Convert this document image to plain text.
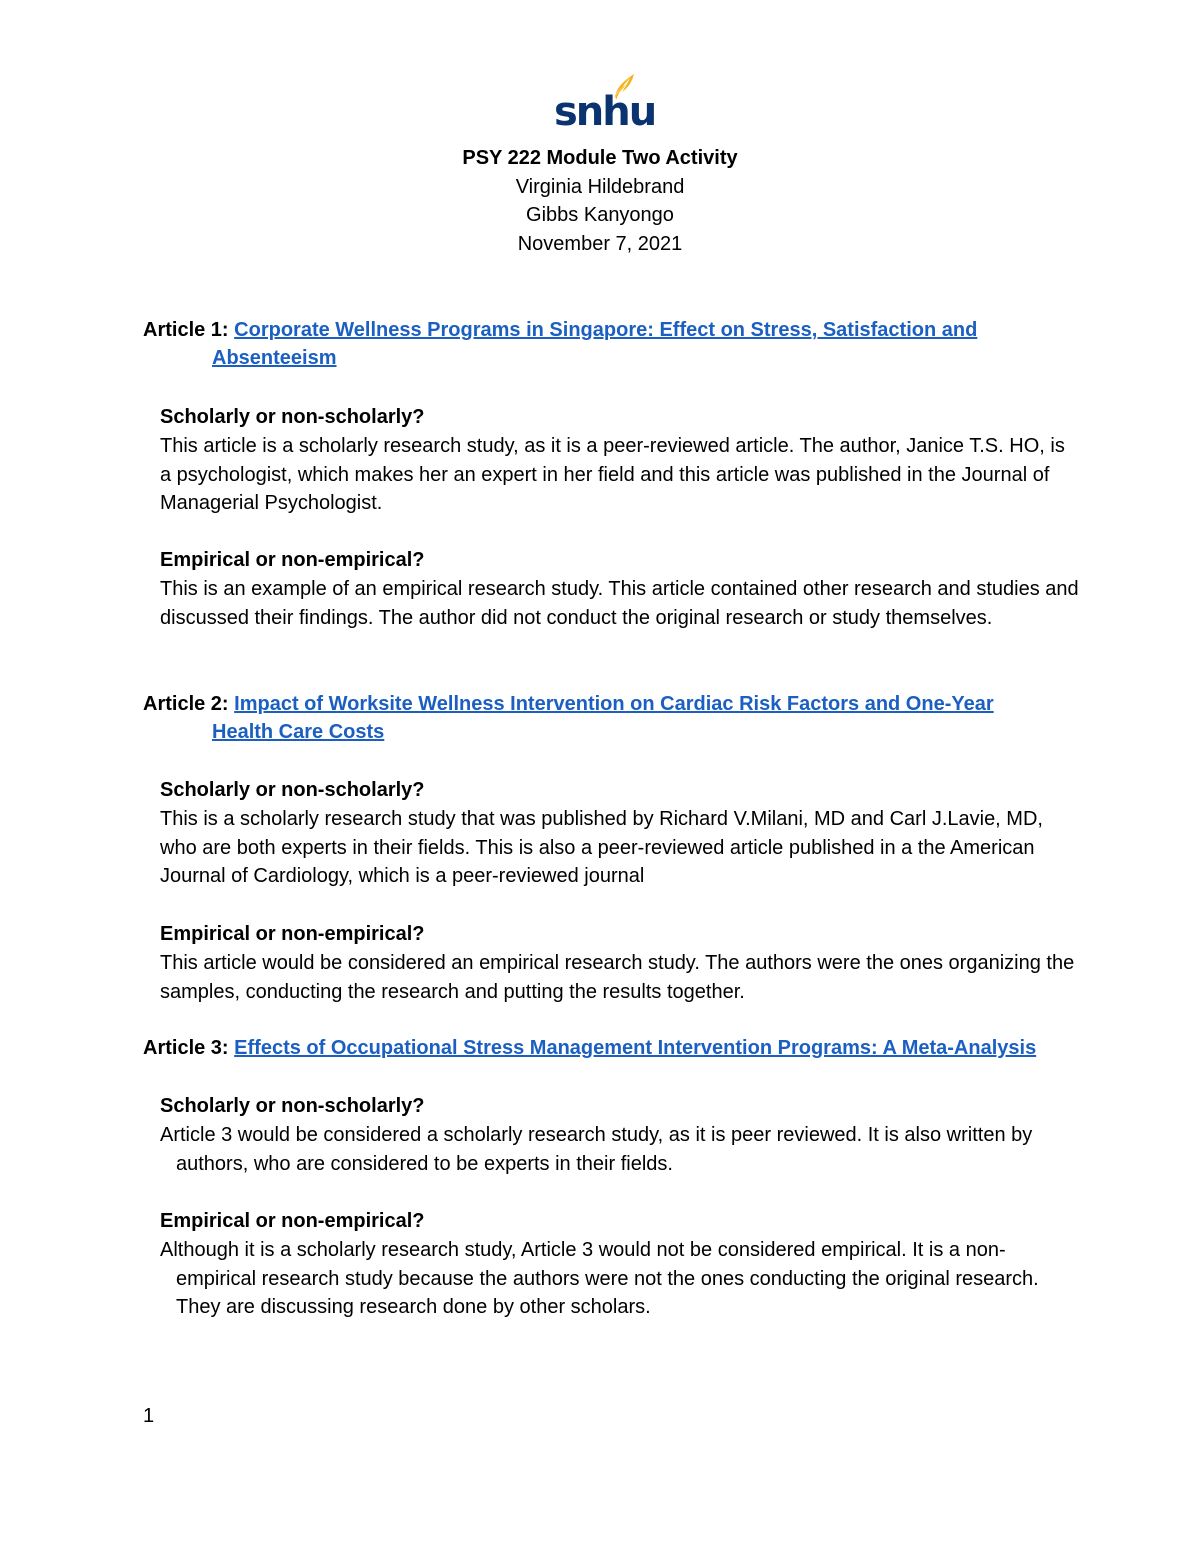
snhu
PSY 222 Module Two Activity
Virginia Hildebrand
Gibbs Kanyongo
November 7, 2021
Article 1: Corporate Wellness Programs in Singapore: Effect on Stress, Satisfaction and
Absenteeism

Scholarly or non-scholarly?

This article is a scholarly research study, as it is a peer-reviewed article. The author, Janice T.S. HO, is a psychologist, which makes her an expert in her field and this article was published in the Journal of Managerial Psychologist.

Empirical or non-empirical?

This is an example of an empirical research study. This article contained other research and studies and discussed their findings. The author did not conduct the original research or study themselves.

Article 2: Impact of Worksite Wellness Intervention on Cardiac Risk Factors and One-Year
Health Care Costs

Scholarly or non-scholarly?

This is a scholarly research study that was published by Richard V.Milani, MD and Carl J.Lavie, MD, who are both experts in their fields. This is also a peer-reviewed article published in a the American Journal of Cardiology, which is a peer-reviewed journal

Empirical or non-empirical?

This article would be considered an empirical research study. The authors were the ones organizing the samples, conducting the research and putting the results together.

Article 3: Effects of Occupational Stress Management Intervention Programs: A Meta-Analysis

Scholarly or non-scholarly?

Article 3 would be considered a scholarly research study, as it is peer reviewed. It is also written by authors, who are considered to be experts in their fields.

Empirical or non-empirical?

Although it is a scholarly research study, Article 3 would not be considered empirical. It is a non-empirical research study because the authors were not the ones conducting the original research. They are discussing research done by other scholars.

1
